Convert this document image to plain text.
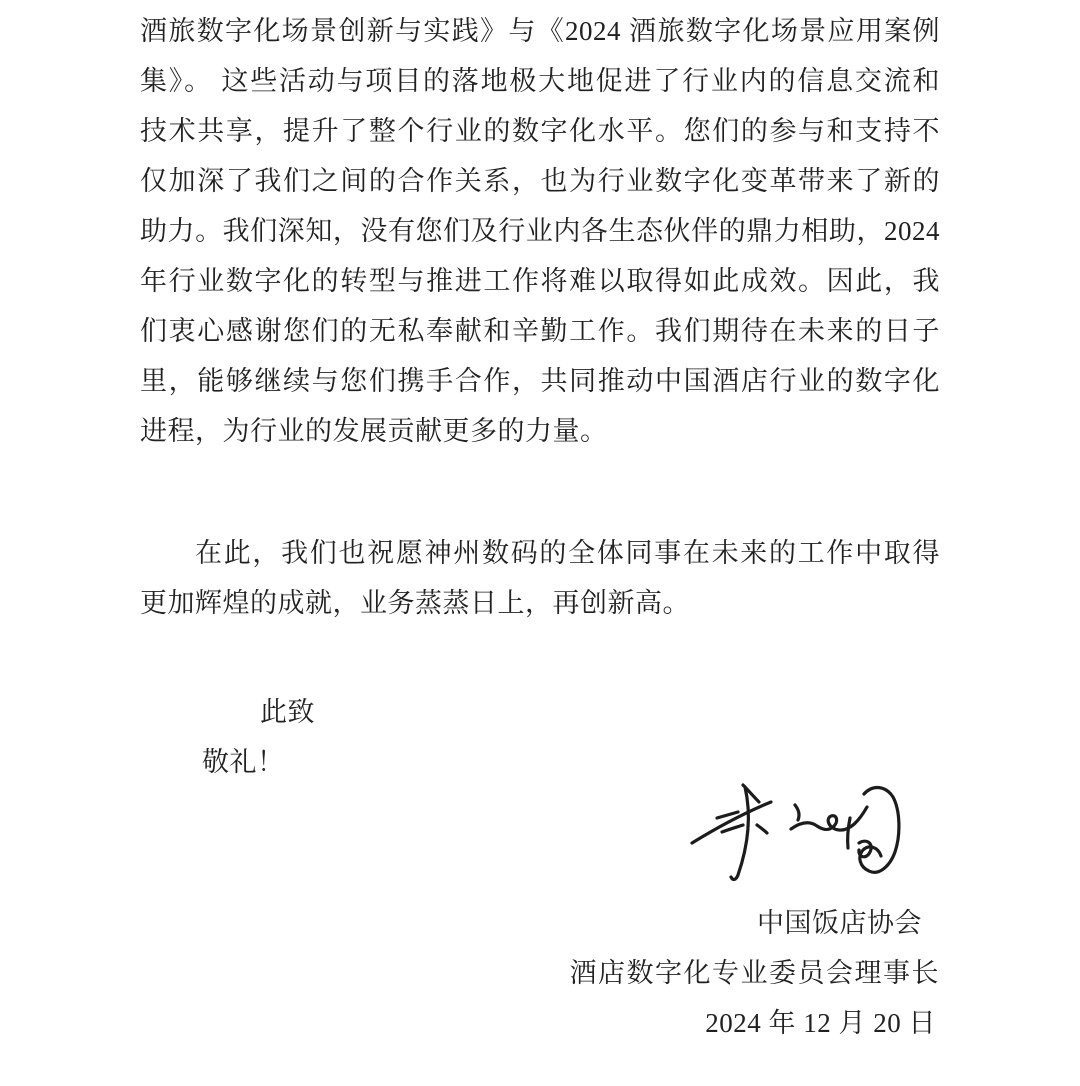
酒旅数字化场景创新与实践》与《2024 酒旅数字化场景应用案例
集》。 这些活动与项目的落地极大地促进了行业内的信息交流和
技术共享，提升了整个行业的数字化水平。您们的参与和支持不
仅加深了我们之间的合作关系，也为行业数字化变革带来了新的
助力。我们深知，没有您们及行业内各生态伙伴的鼎力相助，2024
年行业数字化的转型与推进工作将难以取得如此成效。因此，我
们衷心感谢您们的无私奉献和辛勤工作。我们期待在未来的日子
里，能够继续与您们携手合作，共同推动中国酒店行业的数字化
进程，为行业的发展贡献更多的力量。
在此，我们也祝愿神州数码的全体同事在未来的工作中取得
更加辉煌的成就，业务蒸蒸日上，再创新高。
此致
敬礼！
中国饭店协会
酒店数字化专业委员会理事长
2024 年 12 月 20 日
